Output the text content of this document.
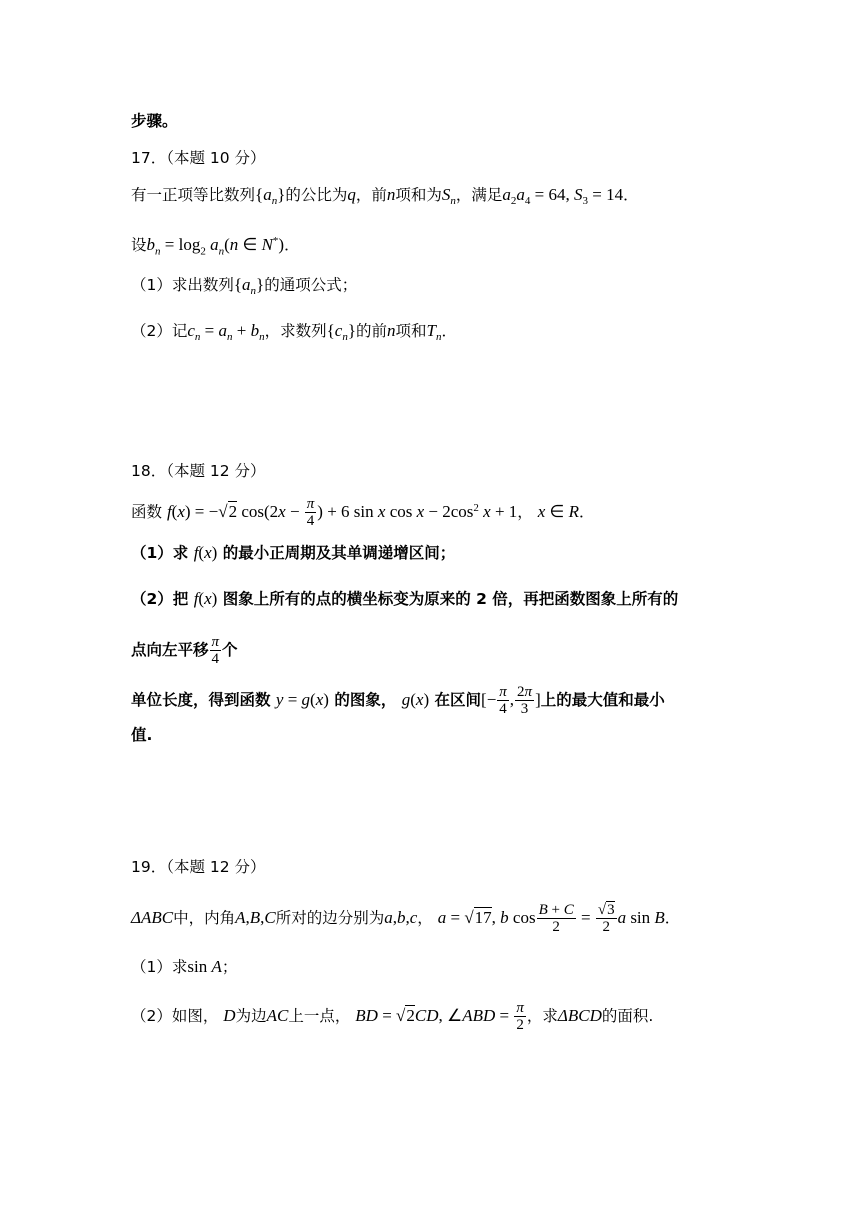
步骤。
17．（本题 10 分）
有一正项等比数列$\{a_n\}$的公比为q，前n项和为$S_n$，满足$a_2a_4 = 64$, $S_3 = 14$．
设$b_n = \log_2 a_n(n$ ∈ N*)．
（1）求出数列$\{a_n\}$的通项公式；
（2）记$c_n = a_n + b_n$，求数列$\{c_n\}$的前n项和$T_n$．
18．（本题 12 分）
函数 f(x) = −√2 $\cos(2x - \frac{\pi}{4}$ ) + 6 sin x $\cos x - 2\cos^2$ x + 1， x ∈ R．
（1）求 f(x) 的最小正周期及其单调递增区间；
（2）把 f(x) 图象上所有的点的横坐标变为原来的 2 倍，再把函数图象上所有的
点向左平移 $\frac{\pi}{4}$ 个
单位长度，得到函数 y = g(x) 的图象， g(x) 在区间[− $\frac{\pi}{4}$ , $\frac{2\pi}{3}$ ]上的最大值和最小
值.
19．（本题 12 分）
ΔABC中，内角A,B,C所对的边分别为a,b,c， a = √17, b $\cos \frac{B + C}{2} = \frac{√3}{2}$ a sin B．
（1）求sin A；
（2）如图， D为边AC上一点， BD = √2CD, ∠ABD = $\frac{\pi}{2}$ ，求ΔBCD的面积.
